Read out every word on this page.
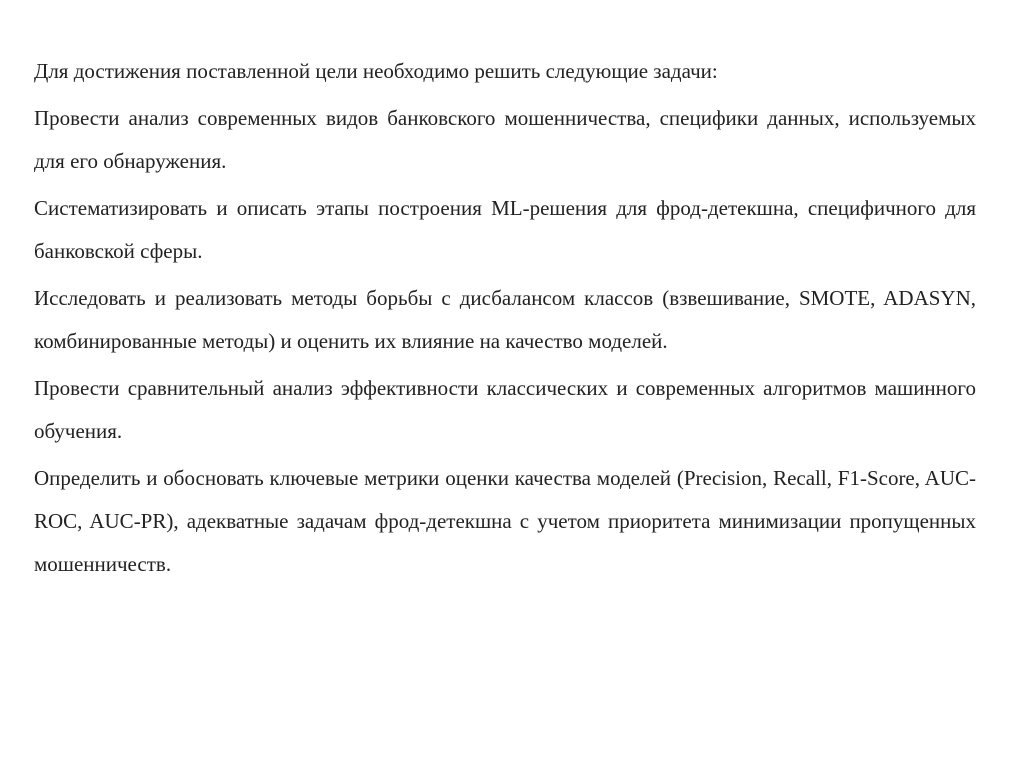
Для достижения поставленной цели необходимо решить следующие задачи:

Провести анализ современных видов банковского мошенничества, специфики данных, используемых для его обнаружения.

Систематизировать и описать этапы построения ML-решения для фрод-детекшна, специфичного для банковской сферы.

Исследовать и реализовать методы борьбы с дисбалансом классов (взвешивание, SMOTE, ADASYN, комбинированные методы) и оценить их влияние на качество моделей.

Провести сравнительный анализ эффективности классических и современных алгоритмов машинного обучения.

Определить и обосновать ключевые метрики оценки качества моделей (Precision, Recall, F1-Score, AUC-ROC, AUC-PR), адекватные задачам фрод-детекшна с учетом приоритета минимизации пропущенных мошенничеств.
